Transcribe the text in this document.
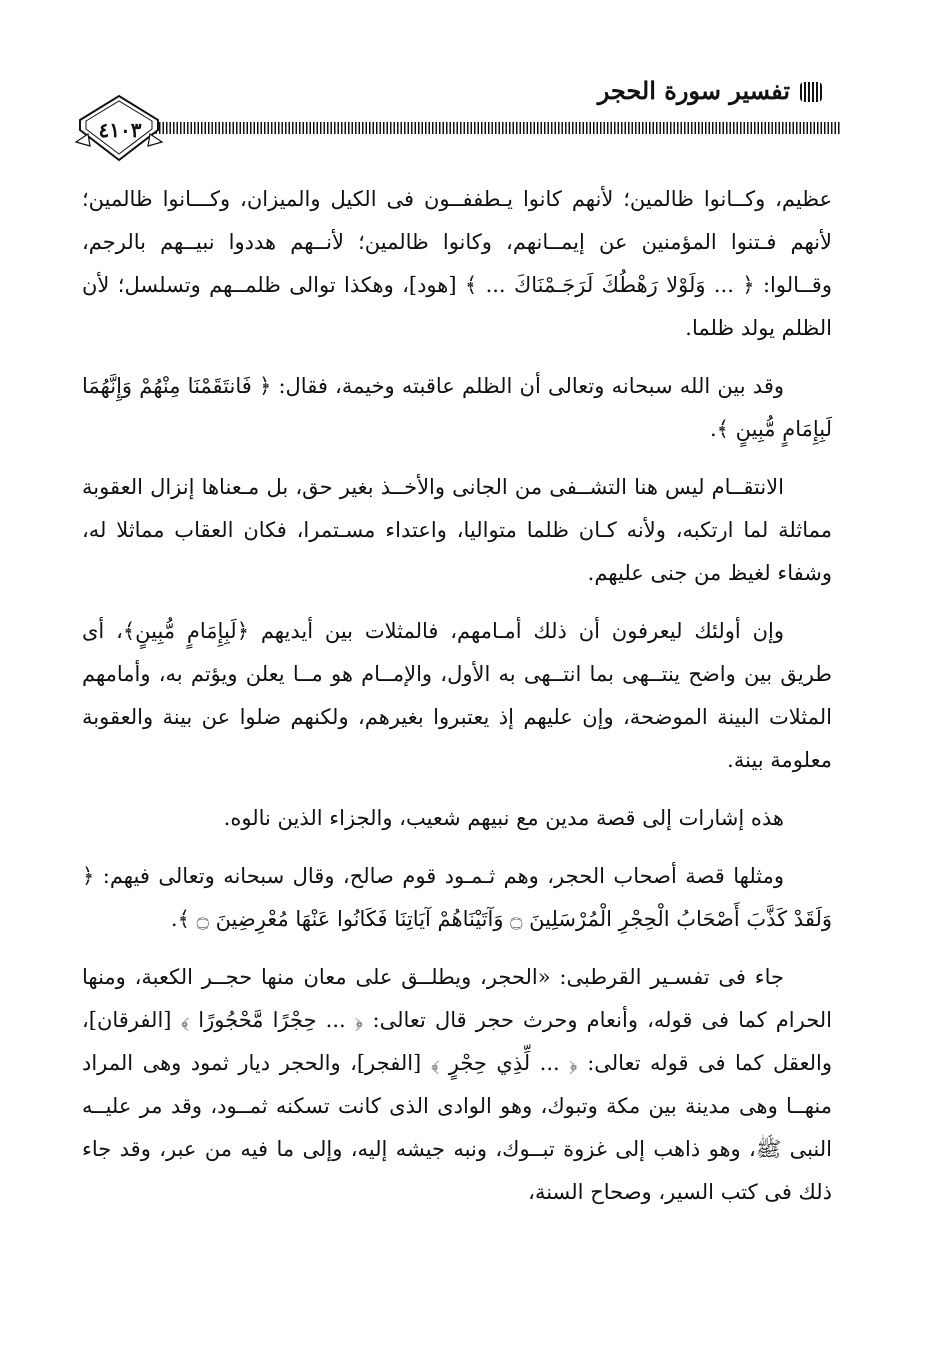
تفسير سورة الحجر
٤١٠٣

عظيم، وكــانوا ظالمين؛ لأنهم كانوا يـطففــون فى الكيل والميزان، وكـــانوا ظالمين؛ لأنهم فـتنوا المؤمنين عن إيمــانهم، وكانوا ظالمين؛ لأنــهم هددوا نبيــهم بالرجم، وقــالوا: ﴿ ... وَلَوْلا رَهْطُكَ لَرَجَـمْنَاكَ ... ﴾ [هود]، وهكذا توالى ظلمــهم وتسلسل؛ لأن الظلم يولد ظلما.

وقد بين الله سبحانه وتعالى أن الظلم عاقبته وخيمة، فقال: ﴿ فَانتَقَمْنَا مِنْهُمْ وَإِنَّهُمَا لَبِإِمَامٍ مُّبِينٍ ﴾.

الانتقــام ليس هنا التشــفى من الجانى والأخــذ بغير حق، بل مـعناها إنزال العقوبة مماثلة لما ارتكبه، ولأنه كـان ظلما متواليا، واعتداء مسـتمرا، فكان العقاب مماثلا له، وشفاء لغيظ من جنى عليهم.

وإن أولئك ليعرفون أن ذلك أمـامهم، فالمثلات بين أيديهم ﴿لَبِإِمَامٍ مُّبِينٍ﴾، أى طريق بين واضح ينتــهى بما انتــهى به الأول، والإمــام هو مــا يعلن ويؤتم به، وأمامهم المثلات البينة الموضحة، وإن عليهم إذ يعتبروا بغيرهم، ولكنهم ضلوا عن بينة والعقوبة معلومة بينة.

هذه إشارات إلى قصة مدين مع نبيهم شعيب، والجزاء الذين نالوه.

ومثلها قصة أصحاب الحجر، وهم ثـمـود قوم صالح، وقال سبحانه وتعالى فيهم: ﴿ وَلَقَدْ كَذَّبَ أَصْحَابُ الْحِجْرِ الْمُرْسَلِينَ ۝ وَآتَيْنَاهُمْ آيَاتِنَا فَكَانُوا عَنْهَا مُعْرِضِينَ ۝ ﴾.

جاء فى تفسـير القرطبى: «الحجر، ويطلــق على معان منها حجــر الكعبة، ومنها الحرام كما فى قوله، وأنعام وحرث حجر قال تعالى: ﴿ ... حِجْرًا مَّحْجُورًا ﴾ [الفرقان]، والعقل كما فى قوله تعالى: ﴿ ... لِّذِي حِجْرٍ ﴾ [الفجر]، والحجر ديار ثمود وهى المراد منهــا وهى مدينة بين مكة وتبوك، وهو الوادى الذى كانت تسكنه ثمــود، وقد مر عليــه النبى ﷺ، وهو ذاهب إلى غزوة تبــوك، ونبه جيشه إليه، وإلى ما فيه من عبر، وقد جاء ذلك فى كتب السير، وصحاح السنة،
